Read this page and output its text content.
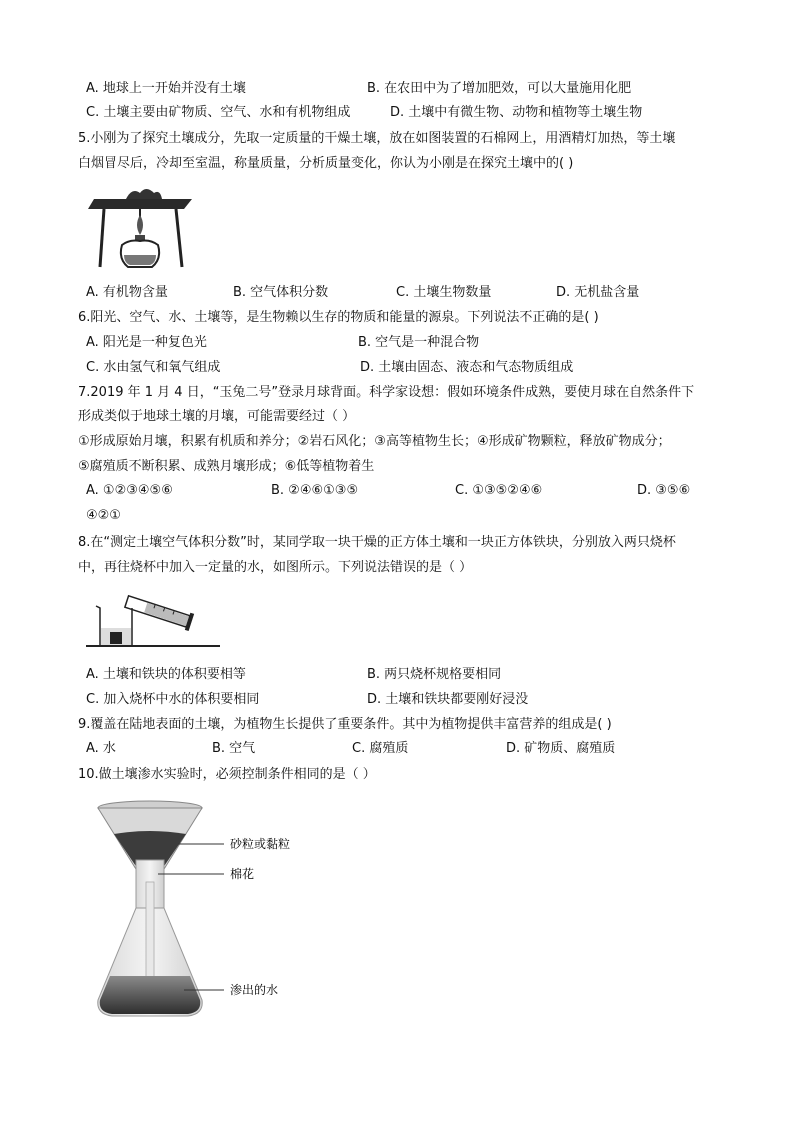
A. 地球上一开始并没有土壤	B. 在农田中为了增加肥效，可以大量施用化肥
C. 土壤主要由矿物质、空气、水和有机物组成	D. 土壤中有微生物、动物和植物等土壤生物
5.小刚为了探究土壤成分，先取一定质量的干燥土壤，放在如图装置的石棉网上，用酒精灯加热，等土壤
白烟冒尽后，冷却至室温，称量质量，分析质量变化，你认为小刚是在探究土壤中的( )
A. 有机物含量	B. 空气体积分数	C. 土壤生物数量	D. 无机盐含量
6.阳光、空气、水、土壤等，是生物赖以生存的物质和能量的源泉。下列说法不正确的是( )
A. 阳光是一种复色光	B. 空气是一种混合物
C. 水由氢气和氧气组成	D. 土壤由固态、液态和气态物质组成
7.2019 年 1 月 4 日，“玉兔二号”登录月球背面。科学家设想：假如环境条件成熟，要使月球在自然条件下
形成类似于地球土壤的月壤，可能需要经过（ ）
①形成原始月壤，积累有机质和养分；②岩石风化；③高等植物生长；④形成矿物颗粒，释放矿物成分；
⑤腐殖质不断积累、成熟月壤形成；⑥低等植物着生
A. ①②③④⑤⑥	B. ②④⑥①③⑤	C. ①③⑤②④⑥	D. ③⑤⑥
④②①
8.在“测定土壤空气体积分数”时，某同学取一块干燥的正方体土壤和一块正方体铁块，分别放入两只烧杯
中，再往烧杯中加入一定量的水，如图所示。下列说法错误的是（ ）
A. 土壤和铁块的体积要相等	B. 两只烧杯规格要相同
C. 加入烧杯中水的体积要相同	D. 土壤和铁块都要刚好浸没
9.覆盖在陆地表面的土壤，为植物生长提供了重要条件。其中为植物提供丰富营养的组成是( )
A. 水	B. 空气	C. 腐殖质	D. 矿物质、腐殖质
10.做土壤渗水实验时，必须控制条件相同的是（ ）
砂粒或黏粒
棉花
渗出的水
